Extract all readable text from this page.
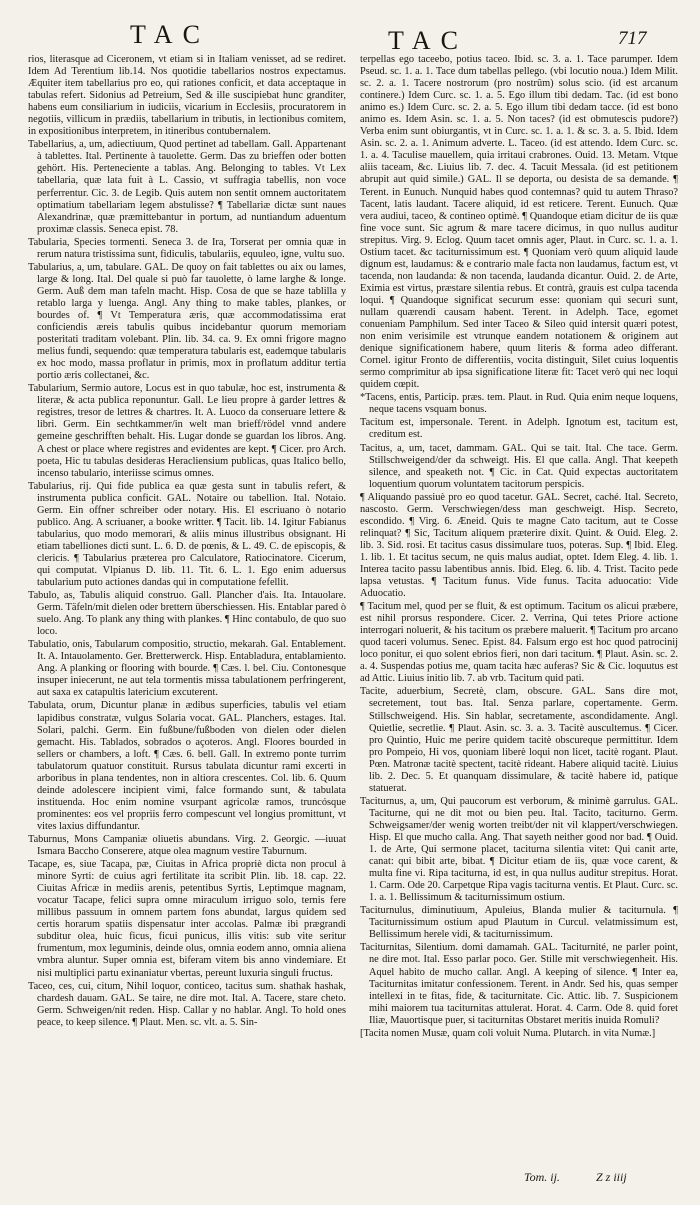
TAC	TAC	717

rios, literasque ad Ciceronem, vt etiam si in Italiam venisset, ad se rediret. Idem Ad Terentium lib.14. Nos quotidie tabellarios nostros expectamus. Æquiter item tabellarius pro eo, qui rationes conficit, et data acceptaque in tabulas refert. Sidonius ad Petreium, Sed & ille suscipiebat hunc granditer, habens eum consiliarium in iudiciis, vicarium in Ecclesiis, procuratorem in negotiis, villicum in prædiis, tabellarium in tributis, in lectionibus comitem, in expositionibus interpretem, in itineribus contubernalem.

Tabellarius, a, um, adiectiuum, Quod pertinet ad tabellam. Gall. Appartenant à tablettes. Ital. Pertinente à tauolette. Germ. Das zu brieffen oder botten gehört. His. Perteneciente a tablas. Ang. Belonging to tables. Vt Lex tabellaria, quæ lata fuit à L. Cassio, vt suffragia tabellis, non voce perferrentur. Cic. 3. de Legib. Quis autem non sentit omnem auctoritatem optimatium tabellariam legem abstulisse? ¶ Tabellariæ dictæ sunt naues Alexandrinæ, quæ præmittebantur in portum, ad nuntiandum aduentum proximæ classis. Seneca epist. 78.

Tabularia, Species tormenti. Seneca 3. de Ira, Torserat per omnia quæ in rerum natura tristissima sunt, fidiculis, tabulariis, equuleo, igne, vultu suo.

Tabularius, a, um, tabulare. GAL. De quoy on fait tablettes ou aix ou lames, large & long. Ital. Del quale si può far tauolette, ò lame larghe & longe. Germ. Auß dem man tafeln macht. Hisp. Cosa de que se haze tablilla y retablo larga y luenga. Angl. Any thing to make tables, plankes, or bourdes of. ¶ Vt Temperatura æris, quæ accommodatissima erat conficiendis æreis tabulis quibus incidebantur quorum memoriam posteritati traditam volebant. Plin. lib. 34. ca. 9. Ex omni frigore magno melius fundi, sequendo: quæ temperatura tabularis est, eademque tabularis ex hoc modo, massa proflatur in primis, mox in proflatum additur tertia portio æris collectanei, &c.

Tabularium, Sermio autore, Locus est in quo tabulæ, hoc est, instrumenta & literæ, & acta publica reponuntur. Gall. Le lieu propre à garder lettres & registres, tresor de lettres & chartres. It. A. Luoco da conseruare lettere & libri. Germ. Ein sechtkammer/in welt man brieff/rödel vnnd andere gemeine geschrifften behalt. His. Lugar donde se guardan los libros. Ang. A chest or place where registres and evidentes are kept. ¶ Cicer. pro Arch. poeta, Hic tu tabulas desideras Heracliensium publicas, quas Italico bello, incenso tabulario, interiisse scimus omnes.

Tabularius, rij. Qui fide publica ea quæ gesta sunt in tabulis refert, & instrumenta publica conficit. GAL. Notaire ou tabellion. Ital. Notaio. Germ. Ein offner schreiber oder notary. His. El escriuano ò notario publico. Ang. A scriuaner, a booke writter. ¶ Tacit. lib. 14. Igitur Fabianus tabularius, quo modo memorari, & aliis minus illustribus obsignant. Hi etiam tabelliones dicti sunt. L. 6. D. de pœnis, & L. 49. C. de episcopis, & clericis. ¶ Tabularius præterea pro Calculatore, Ratiocinatore. Cicerum, qui computat. Vlpianus D. lib. 11. Tit. 6. L. 1. Ego enim aduersus tabularium puto actiones dandas qui in computatione fefellit.

Tabulo, as, Tabulis aliquid construo. Gall. Plancher d'ais. Ita. Intauolare. Germ. Täfeln/mit dielen oder brettern überschiessen. His. Entablar pared ò suelo. Ang. To plank any thing with plankes. ¶ Hinc contabulo, de quo suo loco.

Tabulatio, onis, Tabularum compositio, structio, mekarah. Gal. Entablement. It. A. Intauolamento. Ger. Bretterwerck. Hisp. Entabladura, entablamiento. Ang. A planking or flooring with bourde. ¶ Cæs. l. bel. Ciu. Contonesque insuper iniecerunt, ne aut tela tormentis missa tabulationem perfringerent, aut saxa ex catapultis latericium excuterent.

Tabulata, orum, Dicuntur planæ in ædibus superficies, tabulis vel etiam lapidibus constratæ, vulgus Solaria vocat. GAL. Planchers, estages. Ital. Solari, palchi. Germ. Ein fußbune/fußboden von dielen oder dielen gemacht. His. Tablados, sobrados o açoteros. Angl. Floores bourded in sellers or chambers, a loft. ¶ Cæs. 6. bell. Gall. In extremo ponte turrim tabulatorum quatuor constituit. Rursus tabulata dicuntur rami excerti in arboribus in plana tendentes, non in altiora crescentes. Col. lib. 6. Quum deinde adolescere incipient vimi, falce formando sunt, & tabulata instituenda. Hoc enim nomine vsurpant agricolæ ramos, truncósque prominentes: eos vel propriis ferro compescunt vel longius promittunt, vt vites laxius diffundantur.

Taburnus, Mons Campaniæ oliuetis abundans. Virg. 2. Georgic. —iuuat Ismara Baccho Conserere, atque olea magnum vestire Taburnum.

Tacape, es, siue Tacapa, pæ, Ciuitas in Africa propriè dicta non procul à minore Syrti: de cuius agri fertilitate ita scribit Plin. lib. 18. cap. 22. Ciuitas Africæ in mediis arenis, petentibus Syrtis, Leptimque magnam, vocatur Tacape, felici supra omne miraculum irriguo solo, ternis fere millibus passuum in omnem partem fons abundat, largus quidem sed certis horarum spatiis dispensatur inter accolas. Palmæ ibi prægrandi subditur olea, huic ficus, ficui punicus, illis vitis: sub vite seritur frumentum, mox leguminis, deinde olus, omnia eodem anno, omnia aliena vmbra aluntur. Super omnia est, biferam vitem bis anno vindemiare. Et nisi multiplici partu exinaniatur vbertas, pereunt luxuria singuli fructus.

Taceo, ces, cui, citum, Nihil loquor, conticeo, tacitus sum. shathak hashak, chardesh dauam. GAL. Se taire, ne dire mot. Ital. A. Tacere, stare cheto. Germ. Schweigen/nit reden. Hisp. Callar y no hablar. Angl. To hold ones peace, to keep silence. ¶ Plaut. Men. sc. vlt. a. 5. Sin-

terpellas ego taceebo, potius taceo. Ibid. sc. 3. a. 1. Tace parumper. Idem Pseud. sc. 1. a. 1. Tace dum tabellas pellego. (vbi locutio noua.) Idem Milit. sc. 2. a. 1. Tacere nostrorum (pro nostrûm) solus scio. (id est arcanum continere.) Idem Curc. sc. 1. a. 5. Ego illum tibi dedam. Tac. (id est bono animo es.) Idem Curc. sc. 2. a. 5. Ego illum tibi dedam tacce. (id est bono animo es. Idem Asin. sc. 1. a. 5. Non taces? (id est obmutescis pudore?) Verba enim sunt obiurgantis, vt in Curc. sc. 1. a. 1. & sc. 3. a. 5. Ibid. Idem Asin. sc. 2. a. 1. Animum adverte. L. Taceo. (id est attendo. Idem Curc. sc. 1. a. 4. Taculise mauellem, quia irritaui crabrones. Ouid. 13. Metam. Vtque aliis taceam, &c. Liuius lib. 7. dec. 4. Tacuit Messala. (id est petitionem abrupit aut quid simile.) GAL. Il se deporta, ou desista de sa demande. ¶ Terent. in Eunuch. Nunquid habes quod contemnas? quid tu autem Thraso? Tacent, latis laudant. Tacere aliquid, id est reticere. Terent. Eunuch. Quæ vera audiui, taceo, & contineo optimè. ¶ Quandoque etiam dicitur de iis quæ fine voce sunt. Sic agrum & mare tacere dicimus, in quo nullus auditur strepitus. Virg. 9. Eclog. Quum tacet omnis ager, Plaut. in Curc. sc. 1. a. 1. Ostium tacet. &c taciturnissimum est. ¶ Quoniam verò quum aliquid laude dignum est, laudamus: & e contrario male facta non laudamus, factum est, vt tacenda, non laudanda: & non tacenda, laudanda dicantur. Ouid. 2. de Arte, Eximia est virtus, præstare silentia rebus. Et contrà, grauis est culpa tacenda loqui. ¶ Quandoque significat securum esse: quoniam qui securi sunt, nullam quærendi causam habent. Terent. in Adelph. Tace, egomet conueniam Pamphilum. Sed inter Taceo & Sileo quid intersit quæri potest, non enim verisimile est vtrunque eandem notationem & originem aut denique significationem habere, quum literis & forma adeo differant. Cornel. igitur Fronto de differentiis, vocita distinguit, Silet cuius loquentis sermo comprimitur ab ipsa significatione literæ fit: Tacet verò qui nec loqui quidem cœpit.

*Tacens, entis, Particip. præs. tem. Plaut. in Rud. Quia enim neque loquens, neque tacens vsquam bonus.

Tacitum est, impersonale. Terent. in Adelph. Ignotum est, tacitum est, creditum est.

Tacitus, a, um, tacet, dammam. GAL. Qui se tait. Ital. Che tace. Germ. Stillschweigend/der da schweigt. His. El que calla. Angl. That keepeth silence, and speaketh not. ¶ Cic. in Cat. Quid expectas auctoritatem loquentium quorum voluntatem tacitorum perspicis.

¶ Aliquando passiuè pro eo quod tacetur. GAL. Secret, caché. Ital. Secreto, nascosto. Germ. Verschwiegen/dess man geschweigt. Hisp. Secreto, escondido. ¶ Virg. 6. Æneid. Quis te magne Cato tacitum, aut te Cosse relinquat? ¶ Sic, Tacitum aliquem præterire dixit. Quint. & Ouid. Eleg. 2. lib. 3. Sid. rosi. Et tacitus casus dissimulare tuos, poteras. Sup. ¶ Ibid. Eleg. 1. lib. 1. Et tacitus secum, ne quis malus audiat, optet. Idem Eleg. 4. lib. 1. Interea tacito passu labentibus annis. Ibid. Eleg. 6. lib. 4. Trist. Tacito pede lapsa vetustas. ¶ Tacitum funus. Vide funus. Tacita aduocatio: Vide Aduocatio.

¶ Tacitum mel, quod per se fluit, & est optimum. Tacitum os alicui præbere, est nihil prorsus respondere. Cicer. 2. Verrina, Qui tetes Priore actione interrogari noluerit, & his tacitum os præbere maluerit. ¶ Tacitum pro arcano quod taceri volumus. Senec. Epist. 84. Falsum ergo est hoc quod patrocinij loco ponitur, ei quo solent ebrios fieri, non dari tacitum. ¶ Plaut. Asin. sc. 2. a. 4. Suspendas potius me, quam tacita hæc auferas? Sic & Cic. loquutus est ad Attic. Liuius initio lib. 7. ab vrb. Tacitum quid pati.

Tacite, aduerbium, Secretè, clam, obscure. GAL. Sans dire mot, secretement, tout bas. Ital. Senza parlare, copertamente. Germ. Stillschweigend. His. Sin hablar, secretamente, ascondidamente. Angl. Quietlie, secretlie. ¶ Plaut. Asin. sc. 3. a. 3. Tacitè auscultemus. ¶ Cicer. pro Quintio, Huic me perire quidem tacitè obscureque permittitur. Idem pro Pompeio, Hi vos, quoniam liberè loqui non licet, tacitè rogant. Plaut. Pœn. Matronæ tacitè spectent, tacitè rideant. Habere aliquid tacitè. Liuius lib. 2. Dec. 5. Et quanquam dissimulare, & tacitè habere id, patique statuerat.

Taciturnus, a, um, Qui paucorum est verborum, & minimè garrulus. GAL. Taciturne, qui ne dit mot ou bien peu. Ital. Tacito, taciturno. Germ. Schweigsamer/der wenig worten treibt/der nit vil klappert/verschwiegen. Hisp. El que mucho calla. Ang. That sayeth neither good nor bad. ¶ Ouid. 1. de Arte, Qui sermone placet, taciturna silentia vitet: Qui canit arte, canat: qui bibit arte, bibat. ¶ Dicitur etiam de iis, quæ voce carent, & multa fine vi. Ripa taciturna, id est, in qua nullus auditur strepitus. Horat. 1. Carm. Ode 20. Carpetque Ripa vagis taciturna ventis. Et Plaut. Curc. sc. 1. a. 1. Bellissimum & taciturnissimum ostium.

Taciturnulus, diminutiuum, Apuleius, Blanda mulier & taciturnula. ¶ Taciturnissimum ostium apud Plautum in Curcul. velatmissimum est, Bellissimum herele vidi, & taciturnissimum.

Taciturnitas, Silentium. domi damamah. GAL. Taciturnité, ne parler point, ne dire mot. Ital. Esso parlar poco. Ger. Stille mit verschwiegenheit. His. Aquel habito de mucho callar. Angl. A keeping of silence. ¶ Inter ea, Taciturnitas imitatur confessionem. Terent. in Andr. Sed his, quas semper intellexi in te fitas, fide, & taciturnitate. Cic. Attic. lib. 7. Suspicionem mihi maiorem tua taciturnitas attulerat. Horat. 4. Carm. Ode 8. quid foret Iliæ, Mauortisque puer, si taciturnitas Obstaret meritis inuida Romuli?

[Tacita nomen Musæ, quam coli voluit Numa. Plutarch. in vita Numæ.]

Tom. ij.	Z z iiij
